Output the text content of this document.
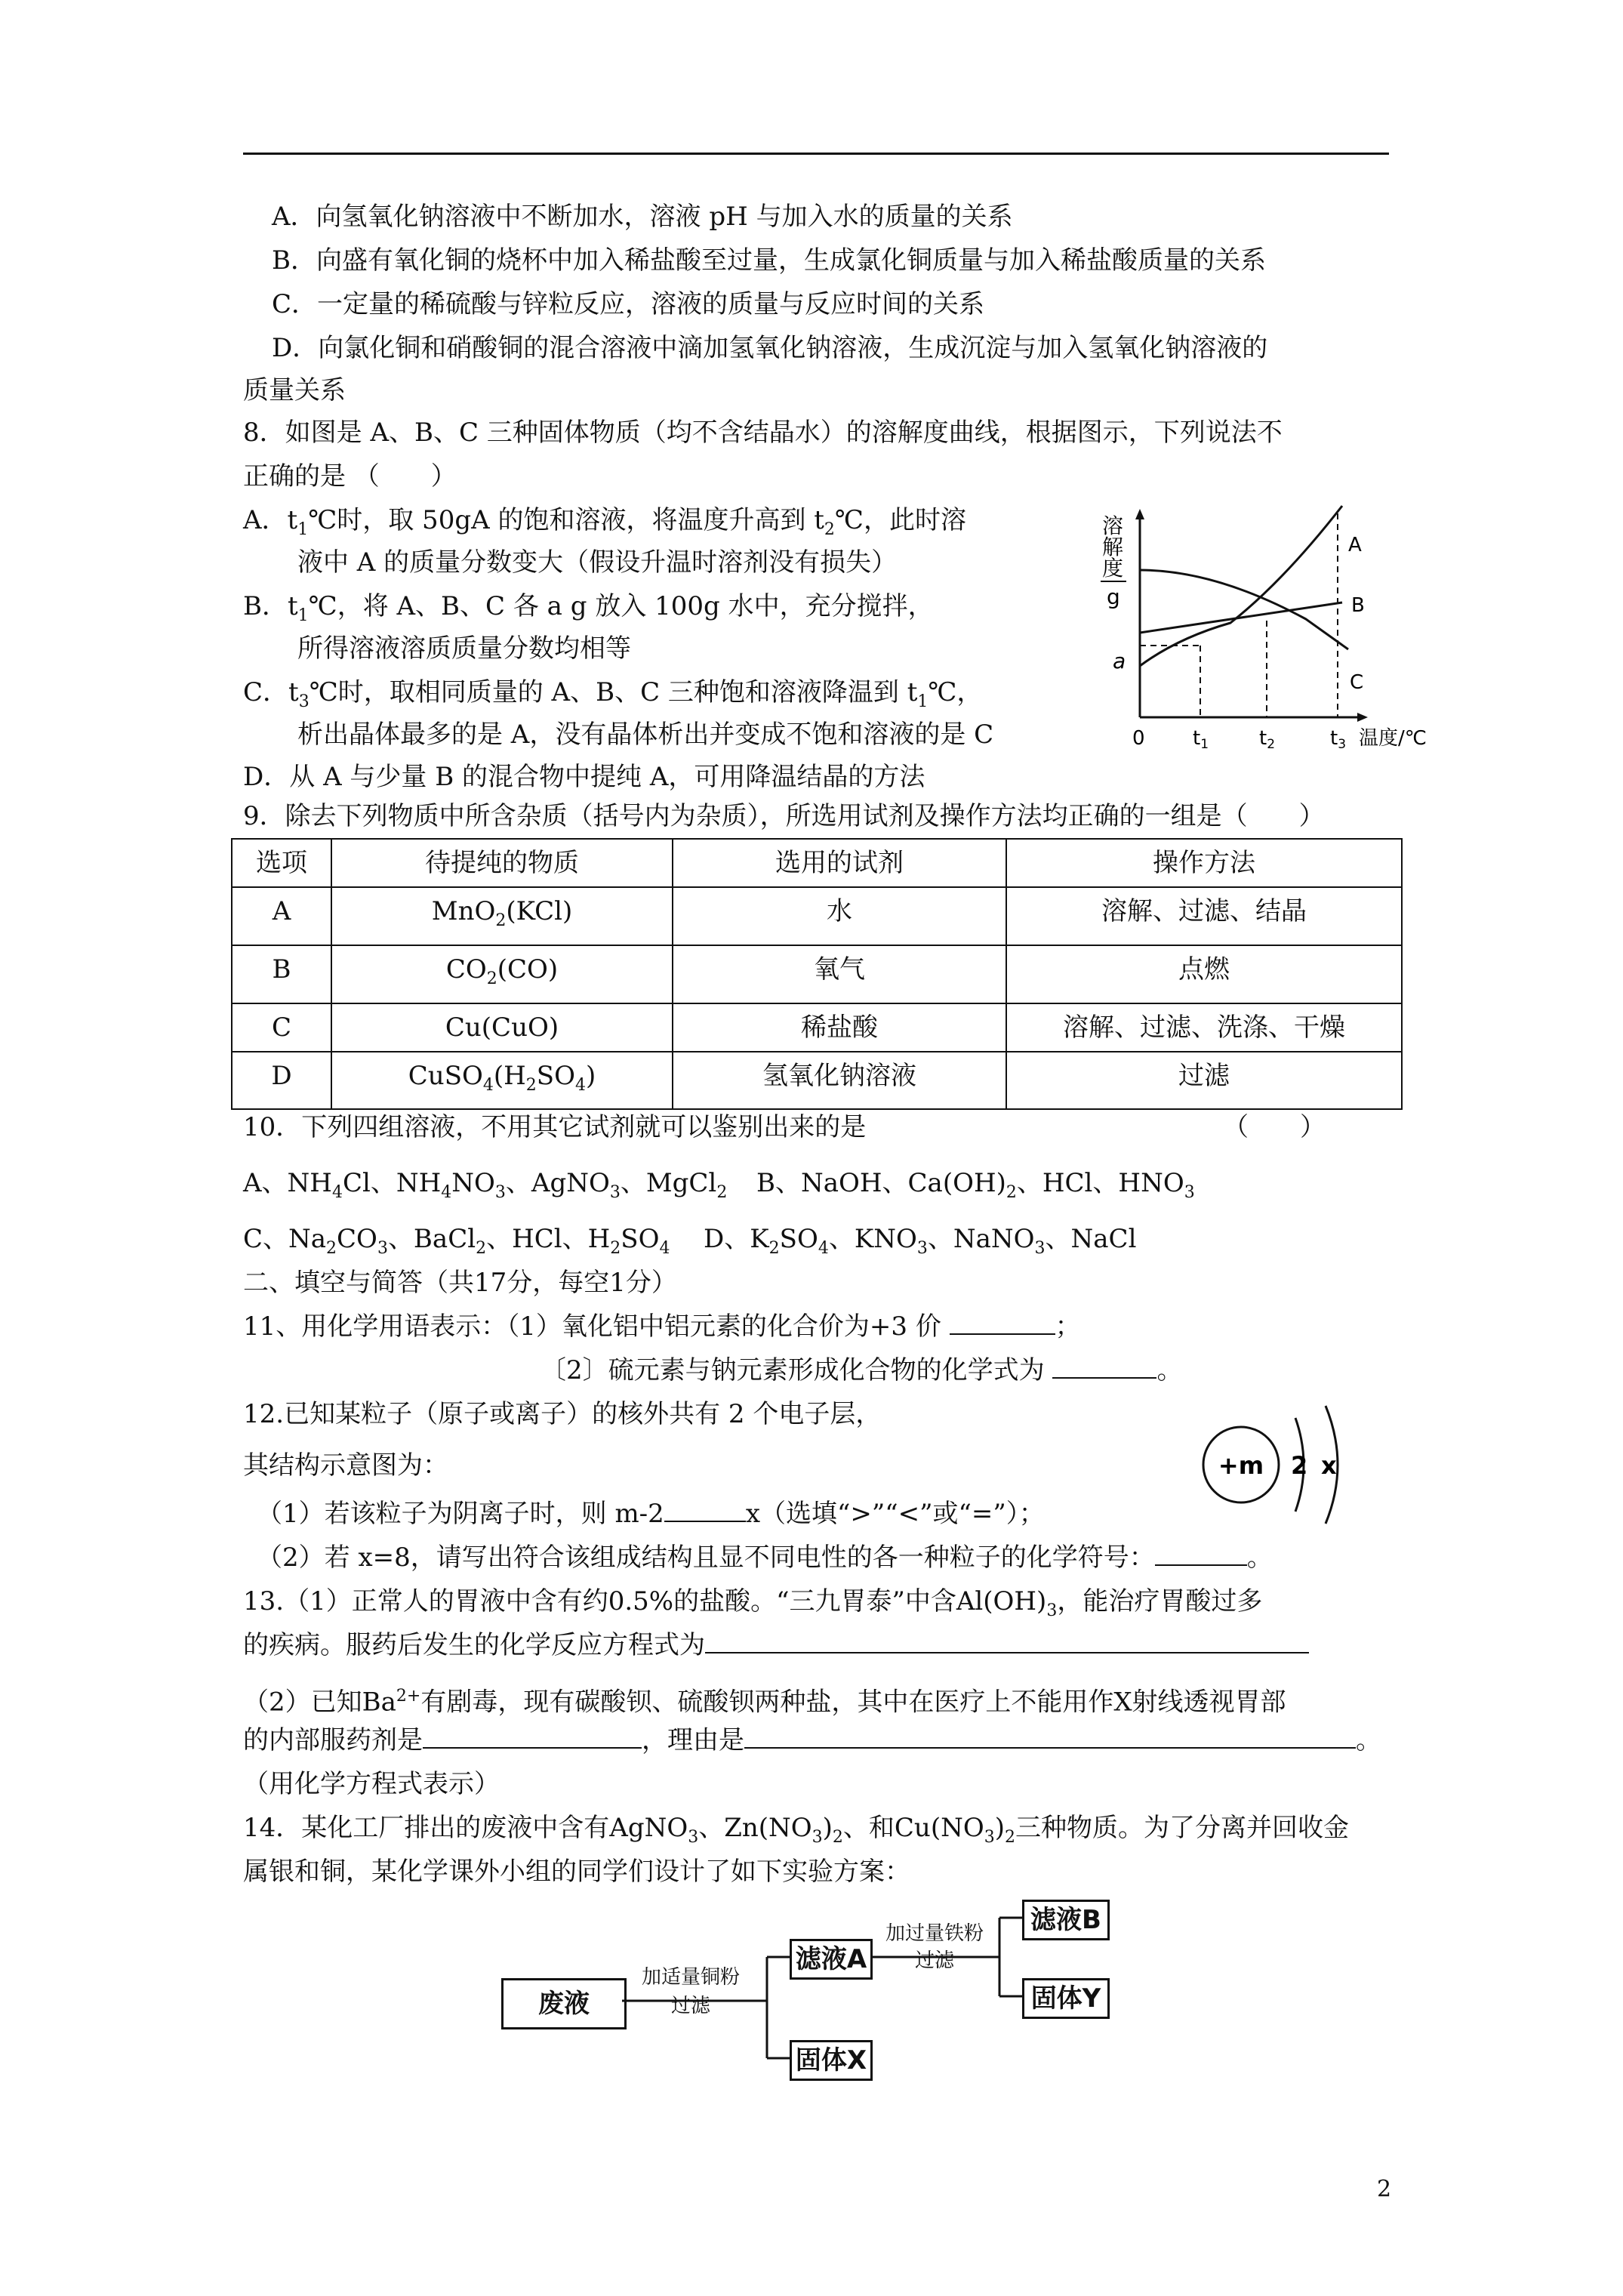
A．向氢氧化钠溶液中不断加水，溶液 pH 与加入水的质量的关系
B．向盛有氧化铜的烧杯中加入稀盐酸至过量，生成氯化铜质量与加入稀盐酸质量的关系
C．一定量的稀硫酸与锌粒反应，溶液的质量与反应时间的关系
D．向氯化铜和硝酸铜的混合溶液中滴加氢氧化钠溶液，生成沉淀与加入氢氧化钠溶液的
质量关系
8．如图是 A、B、C 三种固体物质（均不含结晶水）的溶解度曲线，根据图示，下列说法不
正确的是 （　　）
A．$t_1℃$时，取 50gA 的饱和溶液，将温度升高到 $t_2℃$，此时溶
液中 A 的质量分数变大（假设升温时溶剂没有损失）
B．$t_1℃$，将 A、B、C 各 a g 放入 100g 水中，充分搅拌，
所得溶液溶质质量分数均相等
C．$t_3℃$时，取相同质量的 A、B、C 三种饱和溶液降温到 $t_1℃$，
析出晶体最多的是 A，没有晶体析出并变成不饱和溶液的是 C
D．从 A 与少量 B 的混合物中提纯 A，可用降温结晶的方法
溶
解
度
g
a
A
B
C
0 t1	t2	t3 温度/℃
9．除去下列物质中所含杂质（括号内为杂质），所选用试剂及操作方法均正确的一组是（　　）
选项	待提纯的物质	选用的试剂	操作方法
A	MnO$_2$(KCl)	水	溶解、过滤、结晶
B	$CO_2(CO)$	氧气	点燃
C	Cu(CuO)	稀盐酸	溶解、过滤、洗涤、干燥
D	$CuSO_4(H_2SO_4)$	氢氧化钠溶液	过滤
10．下列四组溶液，不用其它试剂就可以鉴别出来的是	（　　）
A、$NH_4Cl$、$NH_4NO_3$、AgNO$_3$、MgCl$_2$ B、NaOH、$Ca(OH)_2$、HCl、$HNO_3$
C、$Na_2CO_3$、BaCl$_2$、HCl、$H_2SO_4$ D、$K_2SO_4$、$KNO_3$、NaNO$_3$、NaCl
二、填空与简答（共17分，每空1分）
11、用化学用语表示：（1）氧化铝中铝元素的化合价为+3 价	；
〔2〕硫元素与钠元素形成化合物的化学式为	。
12.已知某粒子（原子或离子）的核外共有 2 个电子层，
其结构示意图为：
（1）若该粒子为阴离子时，则 m-2	x（选填“>”“<”或“=”）；
（2）若 x=8，请写出符合该组成结构且显不同电性的各一种粒子的化学符号：	。
+m 2 x
13.（1）正常人的胃液中含有约0.5%的盐酸。“三九胃泰”中含$Al(OH)_3$，能治疗胃酸过多
的疾病。服药后发生的化学反应方程式为
（2）已知$Ba^{2+}$有剧毒，现有碳酸钡、硫酸钡两种盐，其中在医疗上不能用作X射线透视胃部
的内部服药剂是	，理由是	。
（用化学方程式表示）
14．某化工厂排出的废液中含有AgNO$_3$、$Zn(NO_3)_2$、和$Cu(NO_3)_2$三种物质。为了分离并回收金
属银和铜，某化学课外小组的同学们设计了如下实验方案：
废液
加适量铜粉
过滤
滤液A
固体X
加过量铁粉
过滤
滤液B
固体Y
2
